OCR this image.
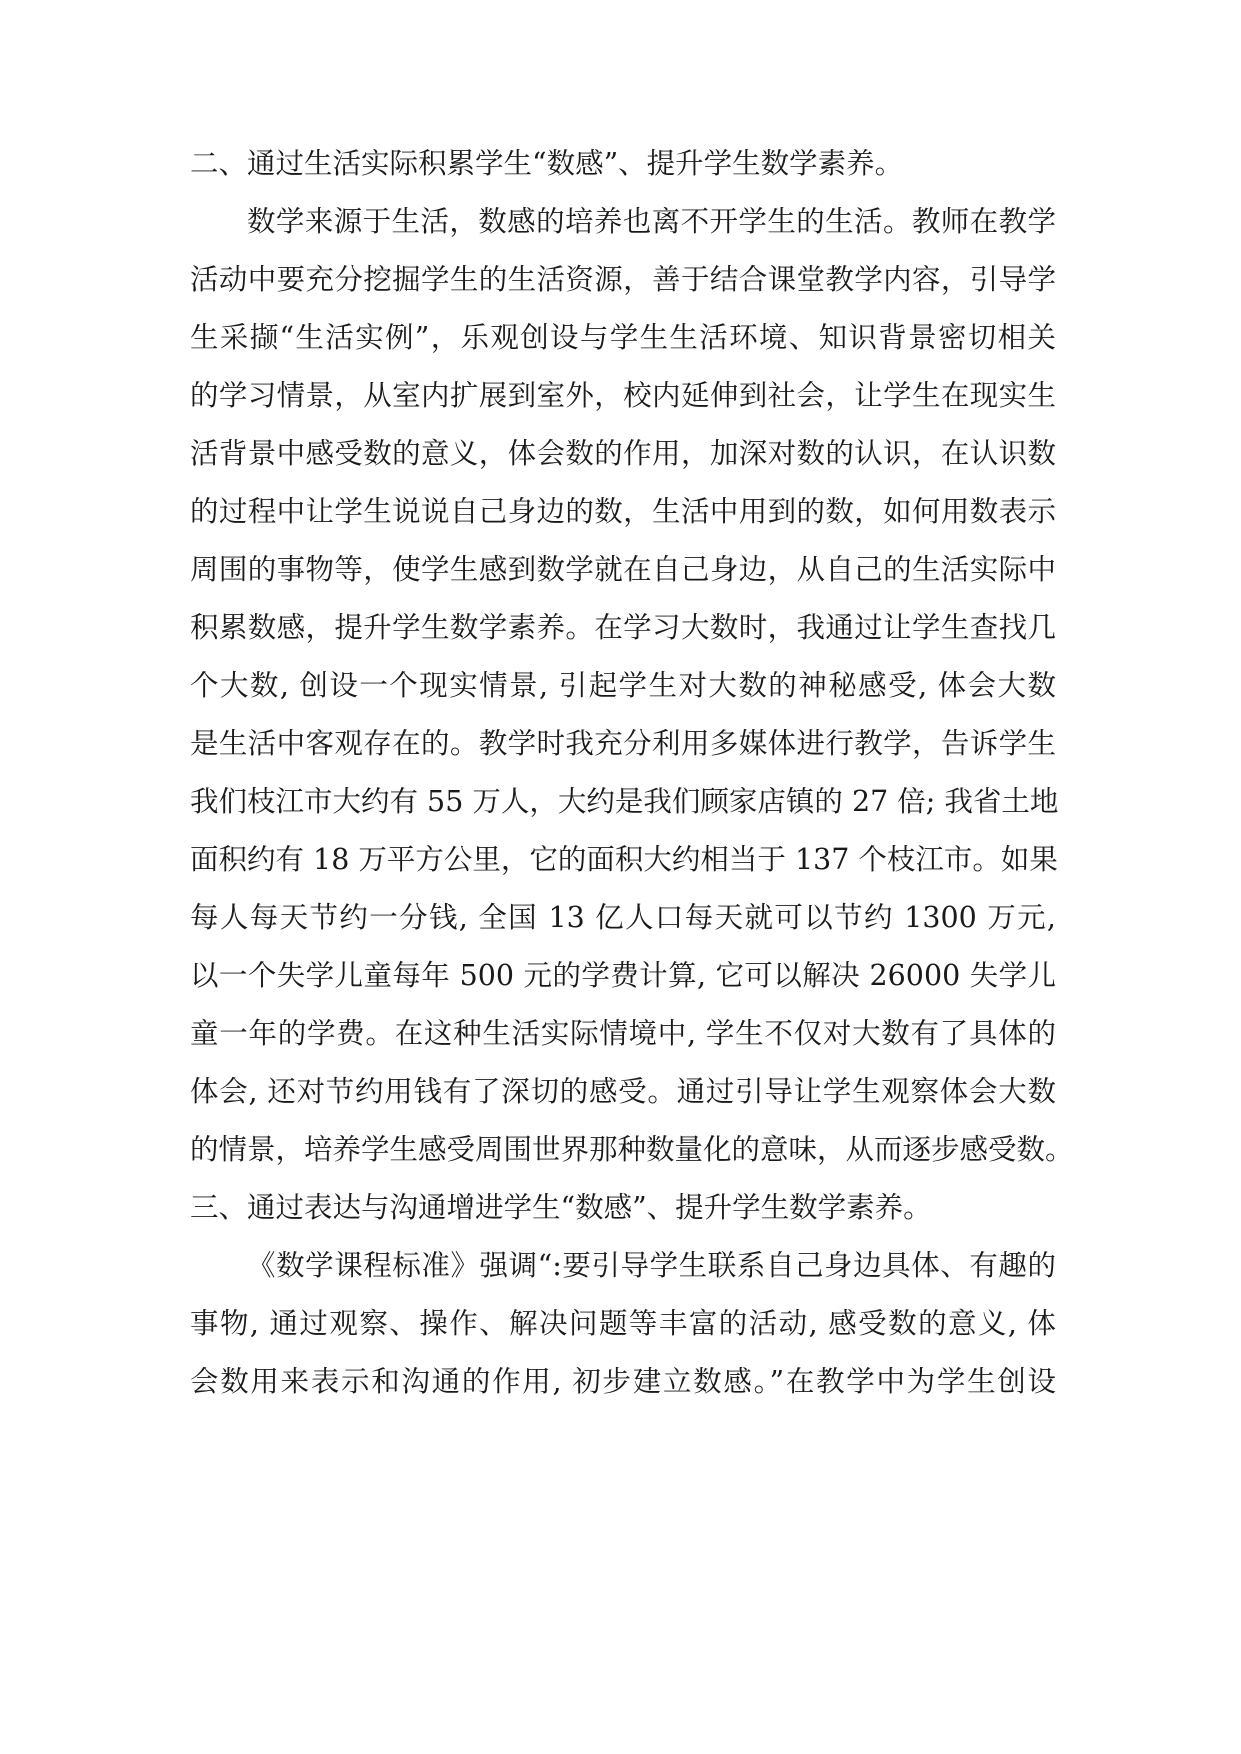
二、通过生活实际积累学生“数感”、提升学生数学素养。
数学来源于生活，数感的培养也离不开学生的生活。教师在教学
活动中要充分挖掘学生的生活资源，善于结合课堂教学内容，引导学
生采撷“生活实例”，乐观创设与学生生活环境、知识背景密切相关
的学习情景，从室内扩展到室外，校内延伸到社会，让学生在现实生
活背景中感受数的意义，体会数的作用，加深对数的认识，在认识数
的过程中让学生说说自己身边的数，生活中用到的数，如何用数表示
周围的事物等，使学生感到数学就在自己身边，从自己的生活实际中
积累数感，提升学生数学素养。在学习大数时，我通过让学生查找几
个大数, 创设一个现实情景, 引起学生对大数的神秘感受, 体会大数
是生活中客观存在的。教学时我充分利用多媒体进行教学，告诉学生
我们枝江市大约有 55 万人，大约是我们顾家店镇的 27 倍; 我省土地
面积约有 18 万平方公里，它的面积大约相当于 137 个枝江市。如果
每人每天节约一分钱, 全国 13 亿人口每天就可以节约 1300 万元,
以一个失学儿童每年 500 元的学费计算, 它可以解决 26000 失学儿
童一年的学费。在这种生活实际情境中, 学生不仅对大数有了具体的
体会, 还对节约用钱有了深切的感受。通过引导让学生观察体会大数
的情景，培养学生感受周围世界那种数量化的意味，从而逐步感受数。
三、通过表达与沟通增进学生“数感”、提升学生数学素养。
《数学课程标准》强调“:要引导学生联系自己身边具体、有趣的
事物, 通过观察、操作、解决问题等丰富的活动, 感受数的意义, 体
会数用来表示和沟通的作用, 初步建立数感。”在教学中为学生创设
